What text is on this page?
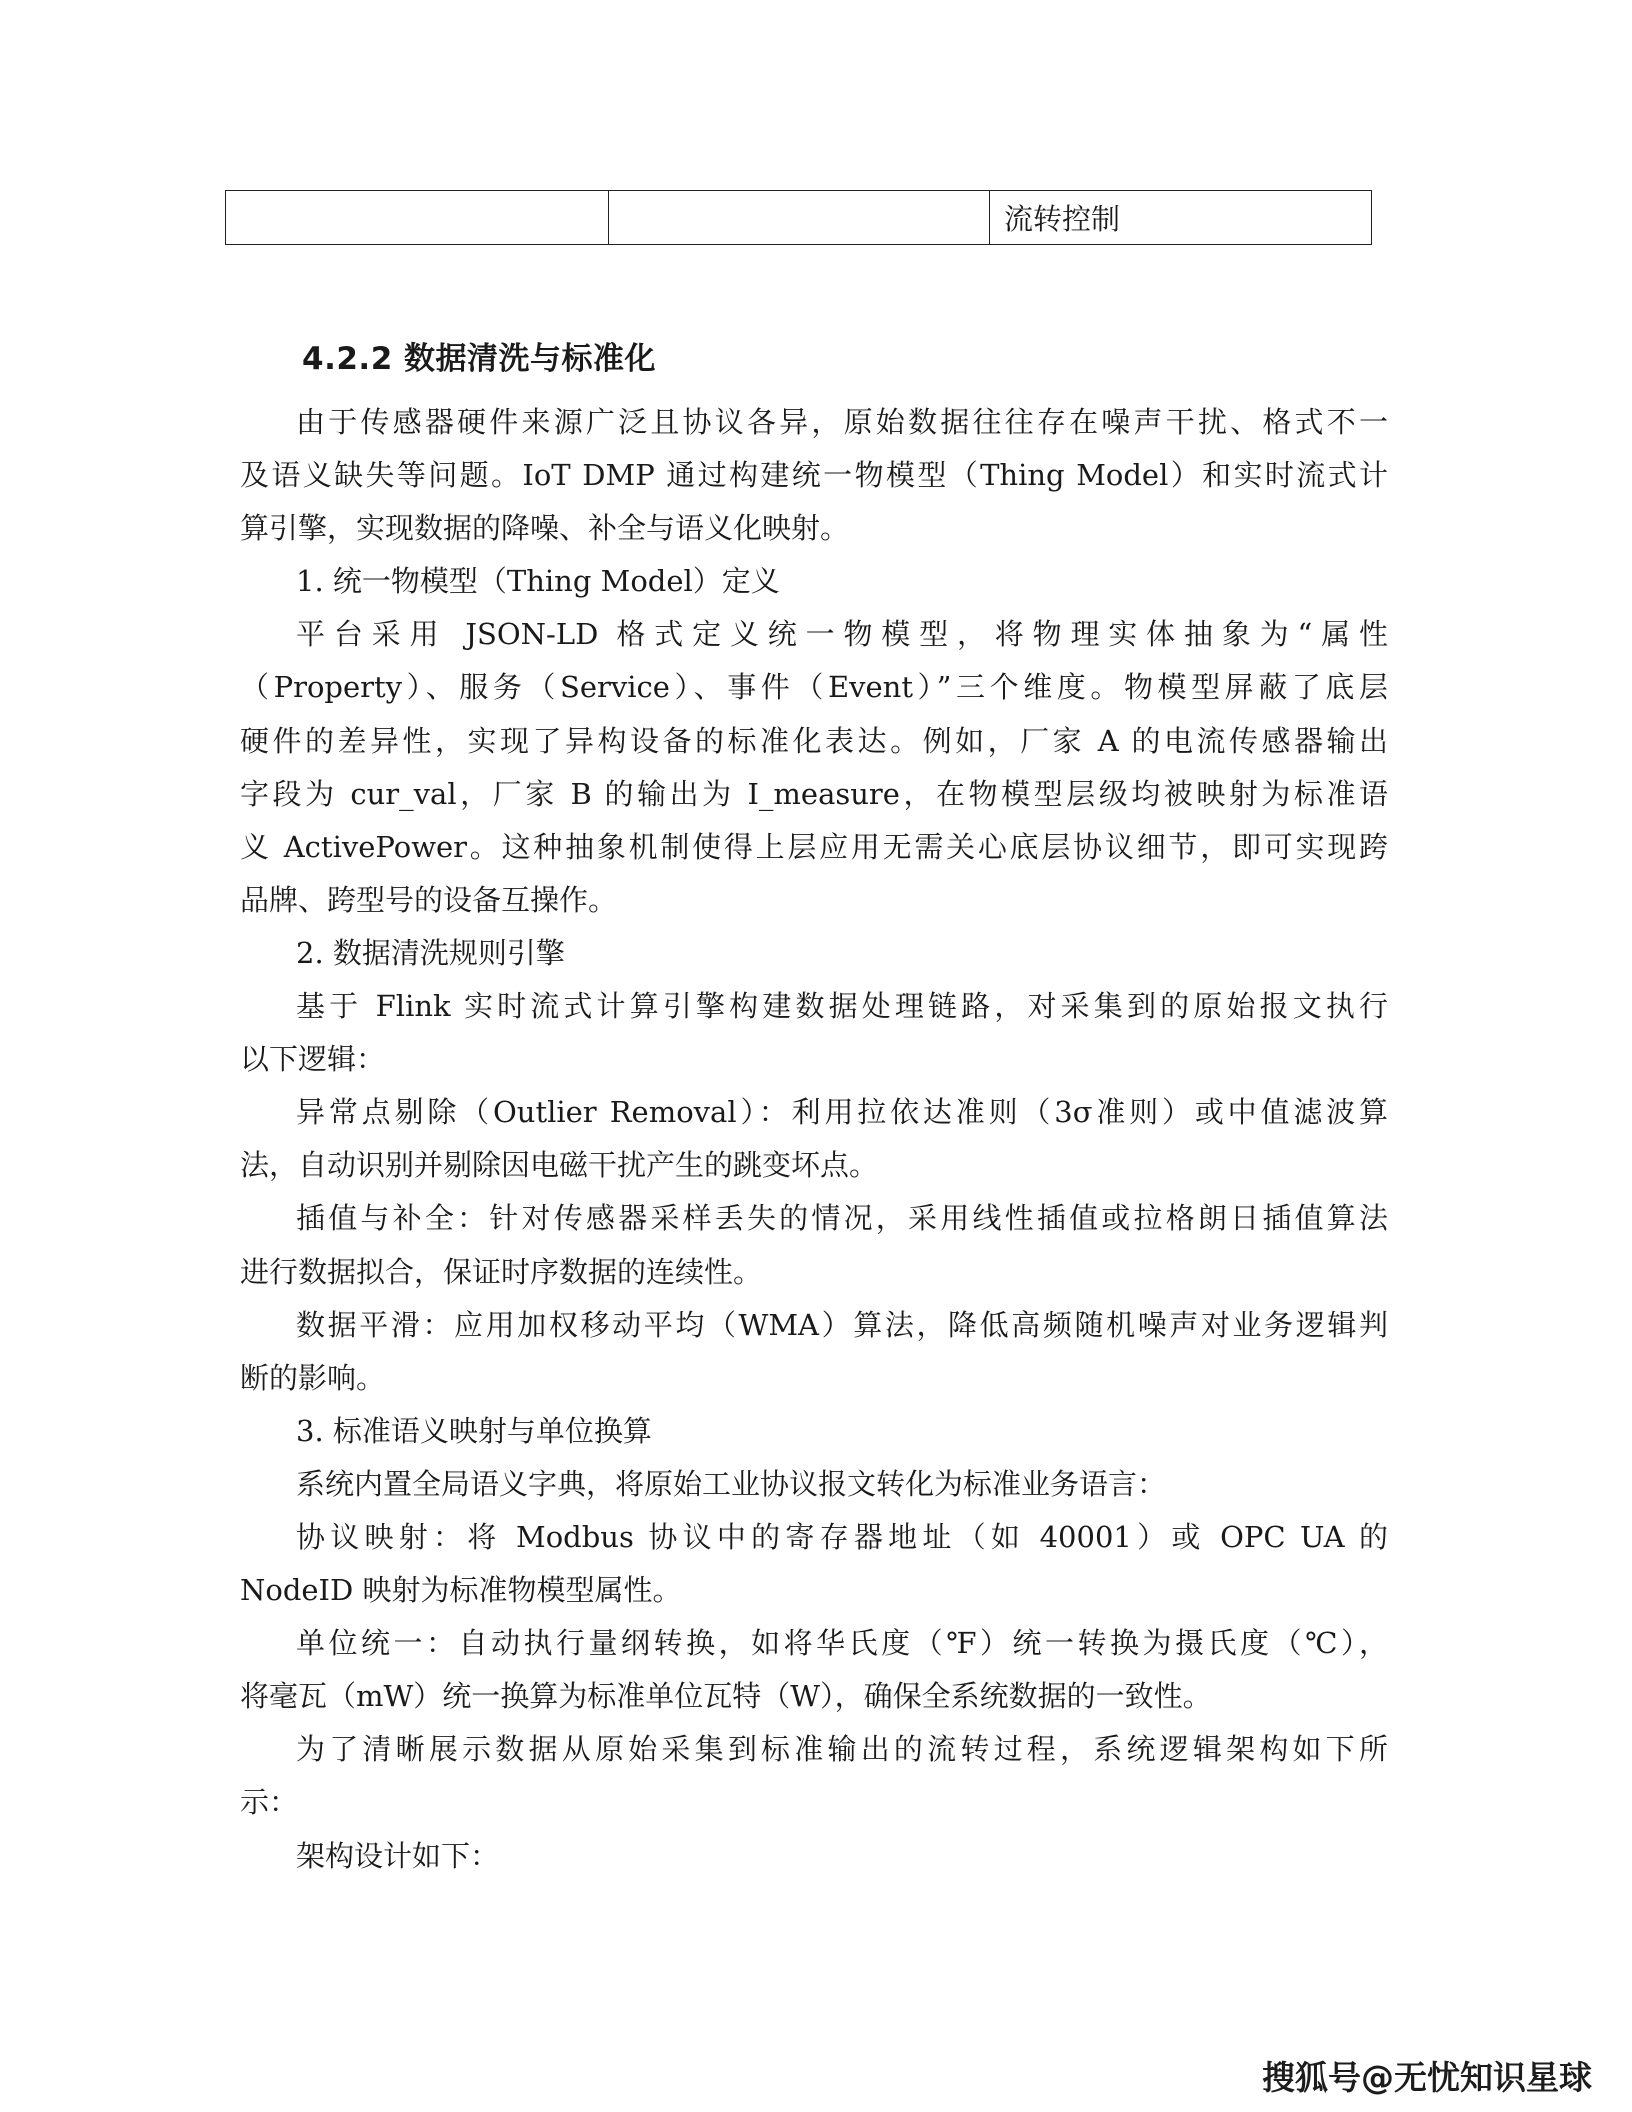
		流转控制
4.2.2 数据清洗与标准化
由于传感器硬件来源广泛且协议各异，原始数据往往存在噪声干扰、格式不一
及语义缺失等问题。IoT DMP 通过构建统一物模型（Thing Model）和实时流式计
算引擎，实现数据的降噪、补全与语义化映射。
1. 统一物模型（Thing Model）定义
平台采用 JSON-LD 格式定义统一物模型，将物理实体抽象为“属性
（Property）、服务（Service）、事件（Event）”三个维度。物模型屏蔽了底层
硬件的差异性，实现了异构设备的标准化表达。例如，厂家 A 的电流传感器输出
字段为 cur_val，厂家 B 的输出为 I_measure，在物模型层级均被映射为标准语
义 ActivePower。这种抽象机制使得上层应用无需关心底层协议细节，即可实现跨
品牌、跨型号的设备互操作。
2. 数据清洗规则引擎
基于 Flink 实时流式计算引擎构建数据处理链路，对采集到的原始报文执行
以下逻辑：
异常点剔除（Outlier Removal）：利用拉依达准则（3σ准则）或中值滤波算
法，自动识别并剔除因电磁干扰产生的跳变坏点。
插值与补全：针对传感器采样丢失的情况，采用线性插值或拉格朗日插值算法
进行数据拟合，保证时序数据的连续性。
数据平滑：应用加权移动平均（WMA）算法，降低高频随机噪声对业务逻辑判
断的影响。
3. 标准语义映射与单位换算
系统内置全局语义字典，将原始工业协议报文转化为标准业务语言：
协议映射：将 Modbus 协议中的寄存器地址（如 40001）或 OPC UA 的
NodeID 映射为标准物模型属性。
单位统一：自动执行量纲转换，如将华氏度（℉）统一转换为摄氏度（℃），
将毫瓦（mW）统一换算为标准单位瓦特（W），确保全系统数据的一致性。
为了清晰展示数据从原始采集到标准输出的流转过程，系统逻辑架构如下所
示：
架构设计如下：

搜狐号@无忧知识星球
